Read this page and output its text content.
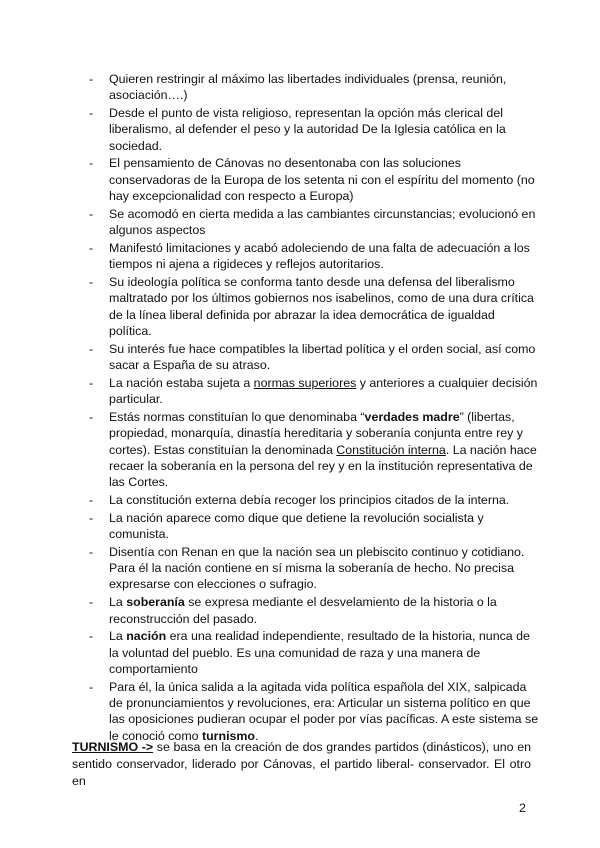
- Quieren restringir al máximo las libertades individuales (prensa, reunión, asociación….)
- Desde el punto de vista religioso, representan la opción más clerical del liberalismo, al defender el peso y la autoridad De la Iglesia católica en la sociedad.
- El pensamiento de Cánovas no desentonaba con las soluciones conservadoras de la Europa de los setenta ni con el espíritu del momento (no hay excepcionalidad con respecto a Europa)
- Se acomodó en cierta medida a las cambiantes circunstancias; evolucionó en algunos aspectos
- Manifestó limitaciones y acabó adoleciendo de una falta de adecuación a los tiempos ni ajena a rigideces y reflejos autoritarios.
- Su ideología política se conforma tanto desde una defensa del liberalismo maltratado por los últimos gobiernos nos isabelinos, como de una dura crítica de la línea liberal definida por abrazar la idea democrática de igualdad política.
- Su interés fue hace compatibles la libertad política y el orden social, así como sacar a España de su atraso.
- La nación estaba sujeta a normas superiores y anteriores a cualquier decisión particular.
- Estás normas constituían lo que denominaba “verdades madre” (libertas, propiedad, monarquía, dinastía hereditaria y soberanía conjunta entre rey y cortes). Estas constituían la denominada Constitución interna. La nación hace recaer la soberanía en la persona del rey y en la institución representativa de las Cortes.
- La constitución externa debía recoger los principios citados de la interna.
- La nación aparece como dique que detiene la revolución socialista y comunista.
- Disentía con Renan en que la nación sea un plebiscito continuo y cotidiano. Para él la nación contiene en sí misma la soberanía de hecho. No precisa expresarse con elecciones o sufragio.
- La soberanía se expresa mediante el desvelamiento de la historia o la reconstrucción del pasado.
- La nación era una realidad independiente, resultado de la historia, nunca de la voluntad del pueblo. Es una comunidad de raza y una manera de comportamiento
- Para él, la única salida a la agitada vida política española del XIX, salpicada de pronunciamientos y revoluciones, era: Articular un sistema político en que las oposiciones pudieran ocupar el poder por vías pacíficas. A este sistema se le conoció como turnismo.

TURNISMO -> se basa en la creación de dos grandes partidos (dinásticos), uno en sentido conservador, liderado por Cánovas, el partido liberal- conservador. El otro en

2
